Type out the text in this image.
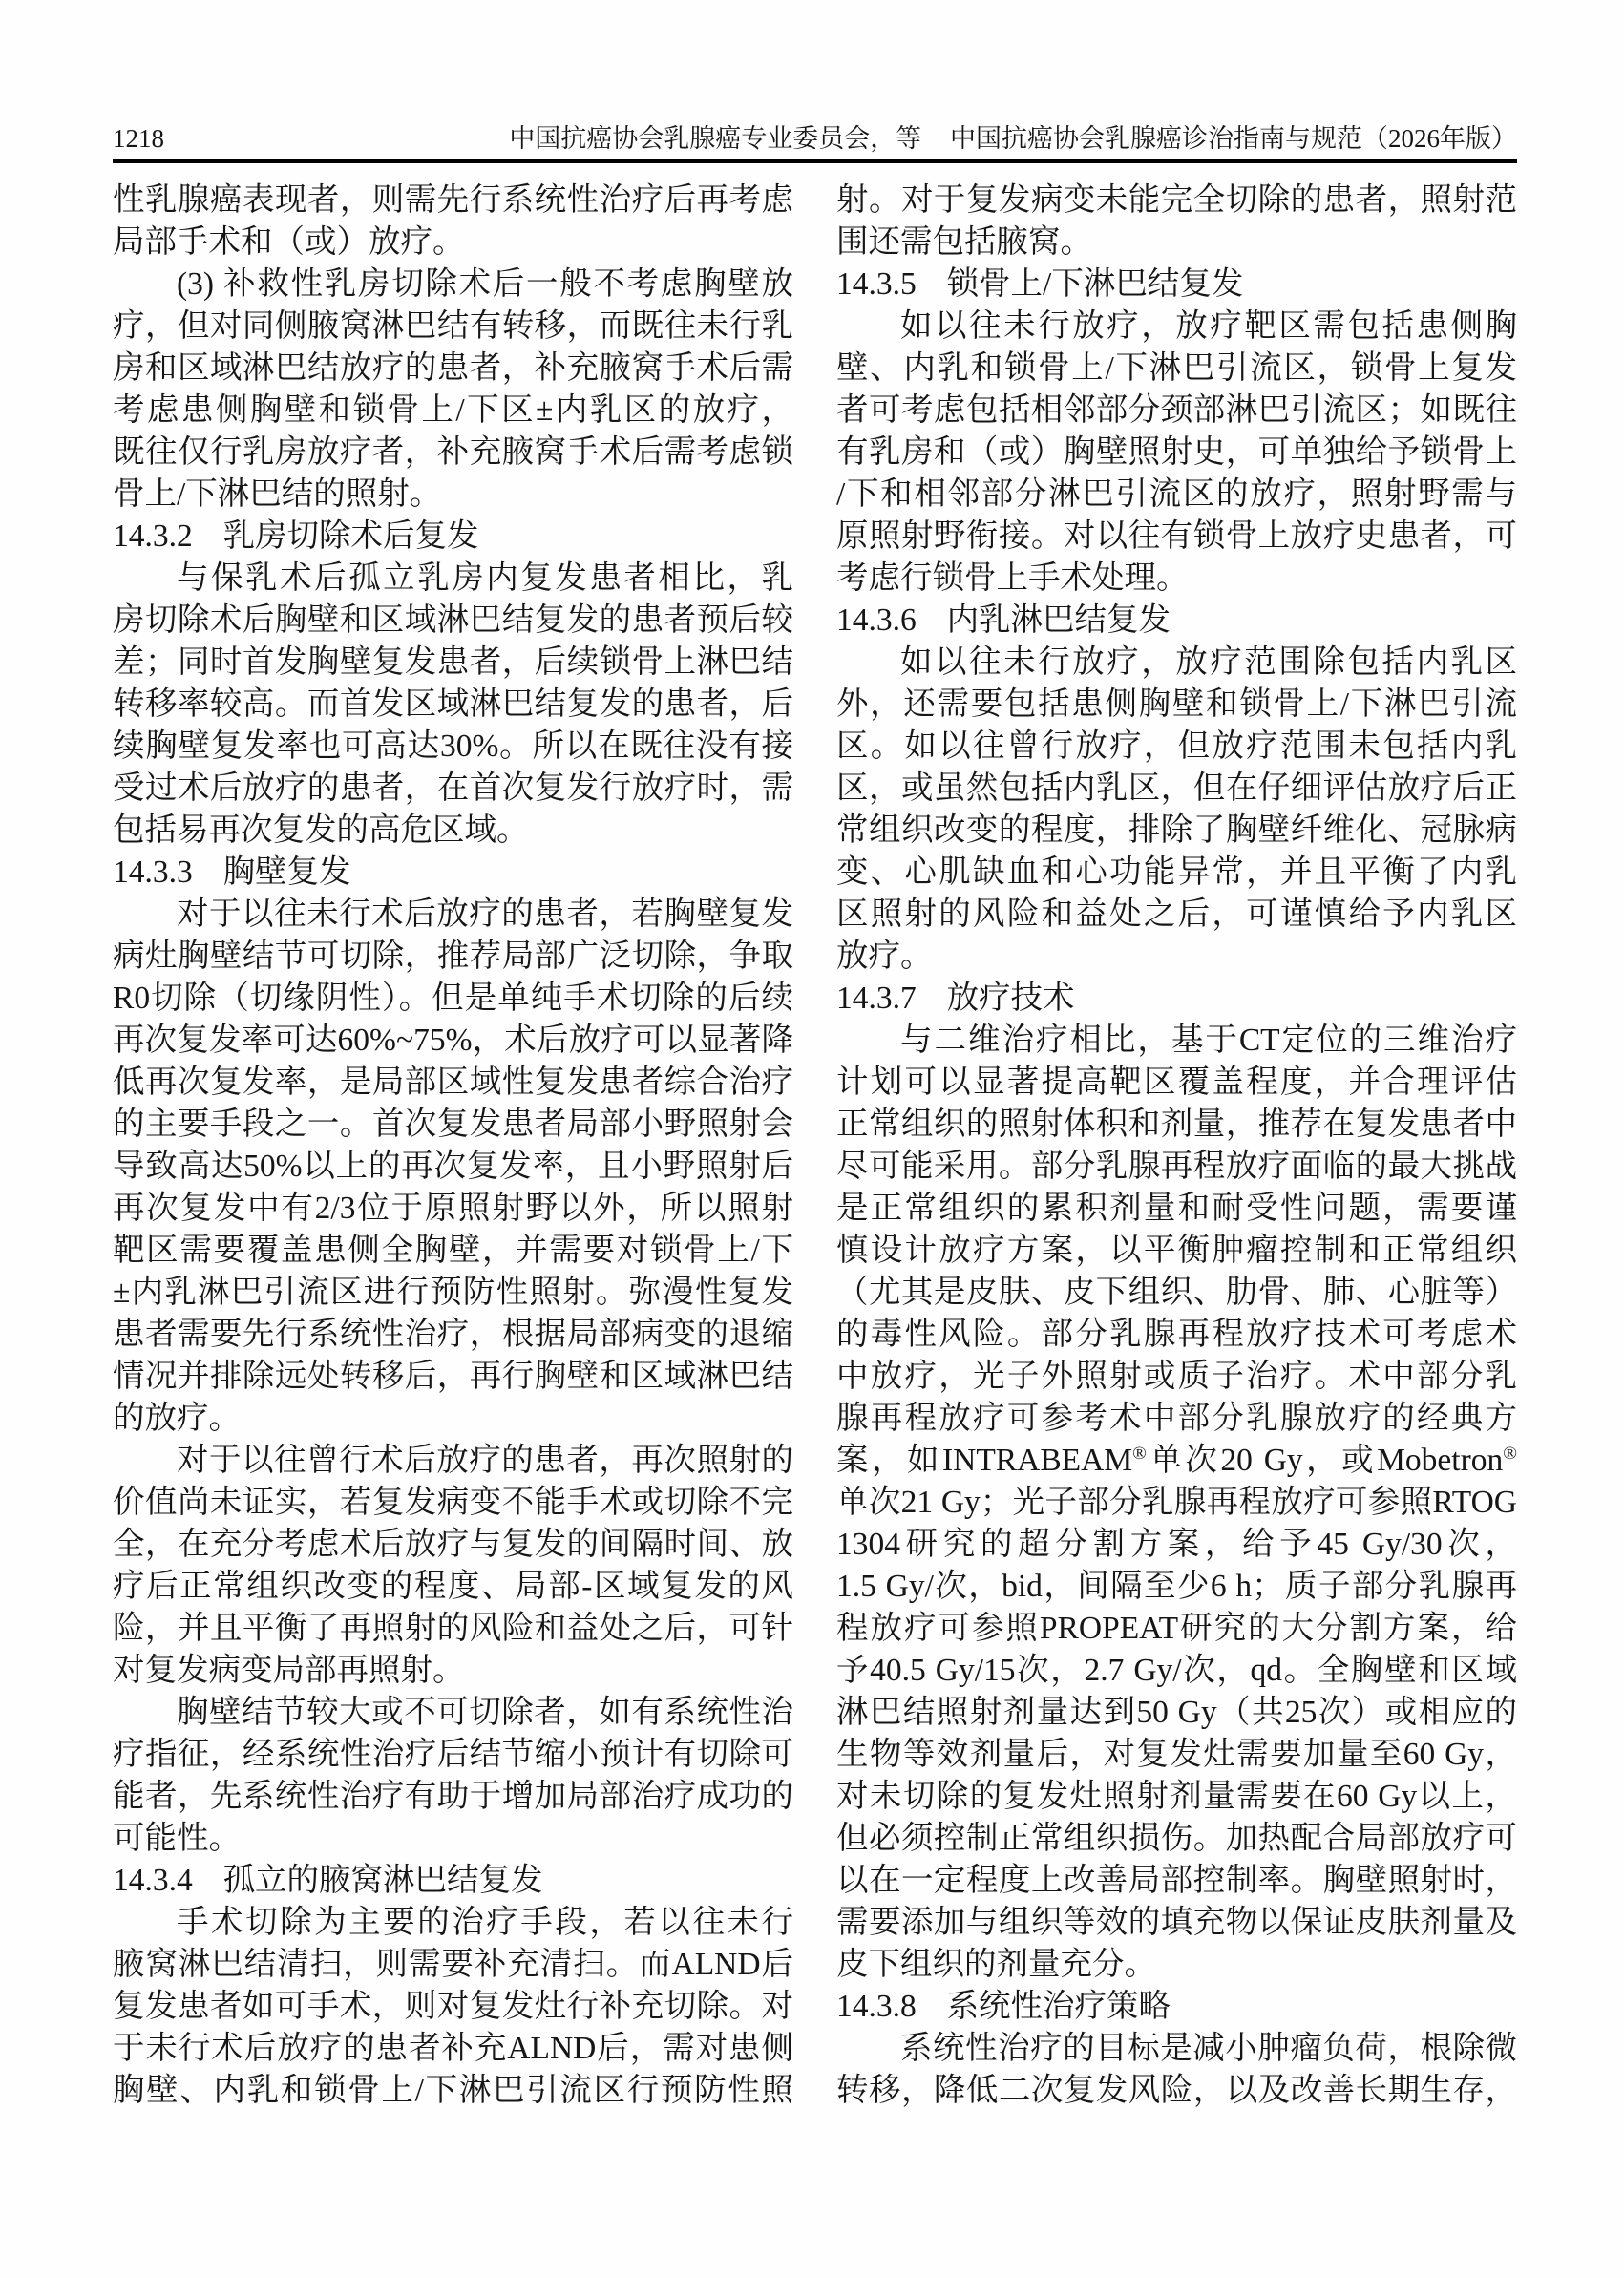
1218	中国抗癌协会乳腺癌专业委员会，等 中国抗癌协会乳腺癌诊治指南与规范（2026年版）
性乳腺癌表现者，则需先行系统性治疗后再考虑
局部手术和（或）放疗。
(3) 补救性乳房切除术后一般不考虑胸壁放
疗，但对同侧腋窝淋巴结有转移，而既往未行乳
房和区域淋巴结放疗的患者，补充腋窝手术后需
考虑患侧胸壁和锁骨上/下区±内乳区的放疗，
既往仅行乳房放疗者，补充腋窝手术后需考虑锁
骨上/下淋巴结的照射。
14.3.2 乳房切除术后复发
与保乳术后孤立乳房内复发患者相比，乳
房切除术后胸壁和区域淋巴结复发的患者预后较
差；同时首发胸壁复发患者，后续锁骨上淋巴结
转移率较高。而首发区域淋巴结复发的患者，后
续胸壁复发率也可高达30%。所以在既往没有接
受过术后放疗的患者，在首次复发行放疗时，需
包括易再次复发的高危区域。
14.3.3 胸壁复发
对于以往未行术后放疗的患者，若胸壁复发
病灶胸壁结节可切除，推荐局部广泛切除，争取
R0切除（切缘阴性）。但是单纯手术切除的后续
再次复发率可达60%~75%，术后放疗可以显著降
低再次复发率，是局部区域性复发患者综合治疗
的主要手段之一。首次复发患者局部小野照射会
导致高达50%以上的再次复发率，且小野照射后
再次复发中有2/3位于原照射野以外，所以照射
靶区需要覆盖患侧全胸壁，并需要对锁骨上/下
±内乳淋巴引流区进行预防性照射。弥漫性复发
患者需要先行系统性治疗，根据局部病变的退缩
情况并排除远处转移后，再行胸壁和区域淋巴结
的放疗。
对于以往曾行术后放疗的患者，再次照射的
价值尚未证实，若复发病变不能手术或切除不完
全，在充分考虑术后放疗与复发的间隔时间、放
疗后正常组织改变的程度、局部-区域复发的风
险，并且平衡了再照射的风险和益处之后，可针
对复发病变局部再照射。
胸壁结节较大或不可切除者，如有系统性治
疗指征，经系统性治疗后结节缩小预计有切除可
能者，先系统性治疗有助于增加局部治疗成功的
可能性。
14.3.4 孤立的腋窝淋巴结复发
手术切除为主要的治疗手段，若以往未行
腋窝淋巴结清扫，则需要补充清扫。而ALND后
复发患者如可手术，则对复发灶行补充切除。对
于未行术后放疗的患者补充ALND后，需对患侧
胸壁、内乳和锁骨上/下淋巴引流区行预防性照
射。对于复发病变未能完全切除的患者，照射范
围还需包括腋窝。
14.3.5 锁骨上/下淋巴结复发
如以往未行放疗，放疗靶区需包括患侧胸
壁、内乳和锁骨上/下淋巴引流区，锁骨上复发
者可考虑包括相邻部分颈部淋巴引流区；如既往
有乳房和（或）胸壁照射史，可单独给予锁骨上
/下和相邻部分淋巴引流区的放疗，照射野需与
原照射野衔接。对以往有锁骨上放疗史患者，可
考虑行锁骨上手术处理。
14.3.6 内乳淋巴结复发
如以往未行放疗，放疗范围除包括内乳区
外，还需要包括患侧胸壁和锁骨上/下淋巴引流
区。如以往曾行放疗，但放疗范围未包括内乳
区，或虽然包括内乳区，但在仔细评估放疗后正
常组织改变的程度，排除了胸壁纤维化、冠脉病
变、心肌缺血和心功能异常，并且平衡了内乳
区照射的风险和益处之后，可谨慎给予内乳区
放疗。
14.3.7 放疗技术
与二维治疗相比，基于CT定位的三维治疗
计划可以显著提高靶区覆盖程度，并合理评估
正常组织的照射体积和剂量，推荐在复发患者中
尽可能采用。部分乳腺再程放疗面临的最大挑战
是正常组织的累积剂量和耐受性问题，需要谨
慎设计放疗方案，以平衡肿瘤控制和正常组织
（尤其是皮肤、皮下组织、肋骨、肺、心脏等）
的毒性风险。部分乳腺再程放疗技术可考虑术
中放疗，光子外照射或质子治疗。术中部分乳
腺再程放疗可参考术中部分乳腺放疗的经典方
案，如INTRABEAM®单次20 Gy，或Mobetron®
单次21 Gy；光子部分乳腺再程放疗可参照RTOG
1304研究的超分割方案，给予45 Gy/30次，
1.5 Gy/次，bid，间隔至少6 h；质子部分乳腺再
程放疗可参照PROPEAT研究的大分割方案，给
予40.5 Gy/15次，2.7 Gy/次，qd。全胸壁和区域
淋巴结照射剂量达到50 Gy（共25次）或相应的
生物等效剂量后，对复发灶需要加量至60 Gy，
对未切除的复发灶照射剂量需要在60 Gy以上，
但必须控制正常组织损伤。加热配合局部放疗可
以在一定程度上改善局部控制率。胸壁照射时，
需要添加与组织等效的填充物以保证皮肤剂量及
皮下组织的剂量充分。
14.3.8 系统性治疗策略
系统性治疗的目标是减小肿瘤负荷，根除微
转移，降低二次复发风险，以及改善长期生存，
